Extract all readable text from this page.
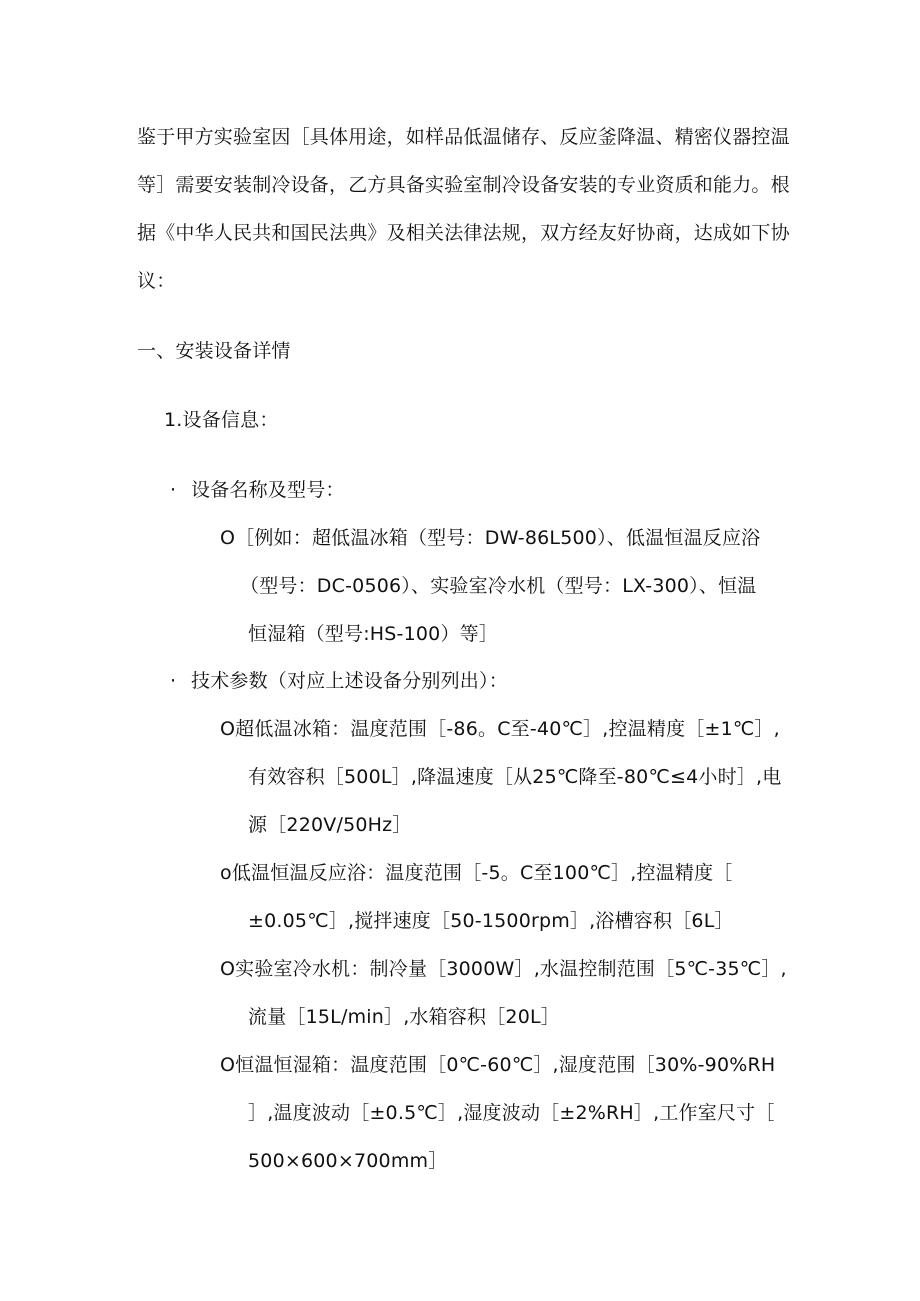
鉴于甲方实验室因［具体用途，如样品低温储存、反应釜降温、精密仪器控温
等］需要安装制冷设备，乙方具备实验室制冷设备安装的专业资质和能力。根
据《中华人民共和国民法典》及相关法律法规，双方经友好协商，达成如下协
议：
一、安装设备详情
1.设备信息：
· 设备名称及型号：
O［例如：超低温冰箱（型号：DW-86L500）、低温恒温反应浴
（型号：DC-0506）、实验室冷水机（型号：LX-300）、恒温
恒湿箱（型号:HS-100）等］
· 技术参数（对应上述设备分别列出）：
O超低温冰箱：温度范围［-86。C至-40℃］,控温精度［±1℃］,
有效容积［500L］,降温速度［从25℃降至-80℃≤4小时］,电
源［220V∕50Hz］
o低温恒温反应浴：温度范围［-5。C至100℃］,控温精度［
±0.05℃］,搅拌速度［50-1500rpm］,浴槽容积［6L］
O实验室冷水机：制冷量［3000W］,水温控制范围［5℃-35℃］,
流量［15L∕min］,水箱容积［20L］
O恒温恒湿箱：温度范围［0℃-60℃］,湿度范围［30%-90%RH
］,温度波动［±0.5℃］,湿度波动［±2%RH］,工作室尺寸［
500×600×700mm］
